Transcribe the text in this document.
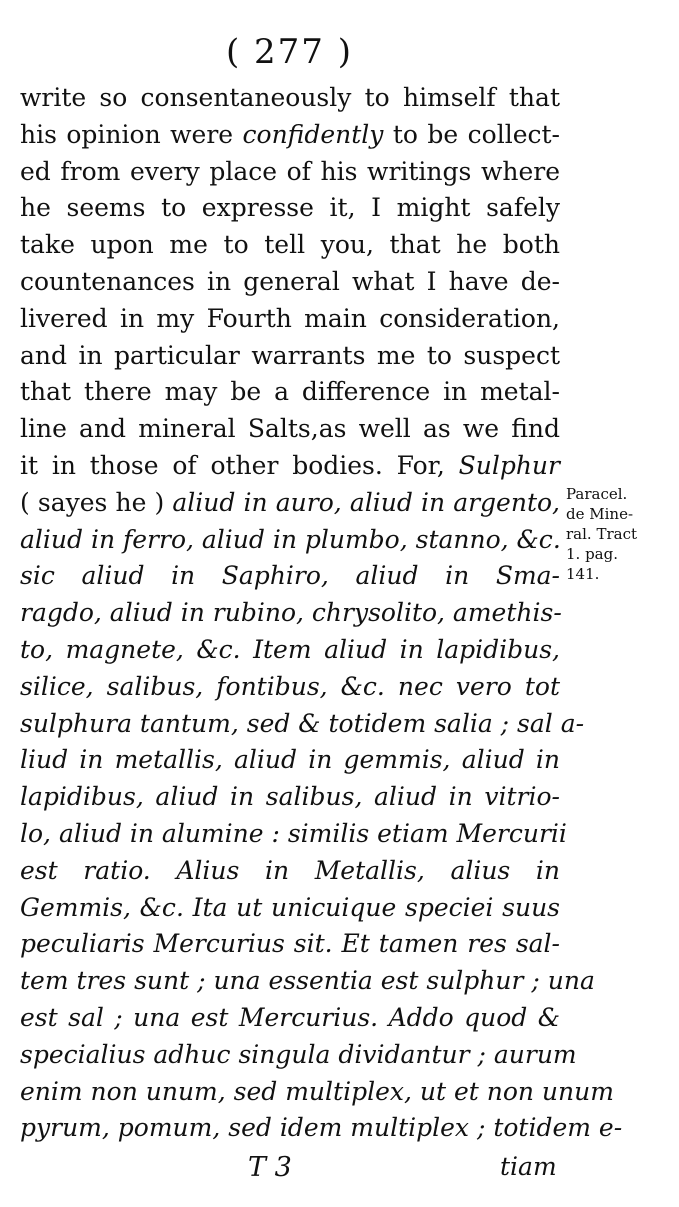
( 277 )
write so consentaneously to himself that
his opinion were confidently to be collect-
ed from every place of his writings where
he seems to expresse it, I might safely
take upon me to tell you, that he both
countenances in general what I have de-
livered in my Fourth main consideration,
and in particular warrants me to suspect
that there may be a difference in metal-
line and mineral Salts,as well as we find
it in those of other bodies. For, Sulphur
( sayes he ) aliud in auro, aliud in argento,
aliud in ferro, aliud in plumbo, stanno, &c.
sic aliud in Saphiro, aliud in Sma-
ragdo, aliud in rubino, chrysolito, amethis-
to, magnete, &c. Item aliud in lapidibus,
silice, salibus, fontibus, &c. nec vero tot
sulphura tantum, sed & totidem salia ; sal a-
liud in metallis, aliud in gemmis, aliud in
lapidibus, aliud in salibus, aliud in vitrio-
lo, aliud in alumine : similis etiam Mercurii
est ratio. Alius in Metallis, alius in
Gemmis, &c. Ita ut unicuique speciei suus
peculiaris Mercurius sit. Et tamen res sal-
tem tres sunt ; una essentia est sulphur ; una
est sal ; una est Mercurius. Addo quod &
specialius adhuc singula dividantur ; aurum
enim non unum, sed multiplex, ut et non unum
pyrum, pomum, sed idem multiplex ; totidem e-
Paracel.
de Mine-
ral. Tract
1. pag.
141.
T 3	tiam
